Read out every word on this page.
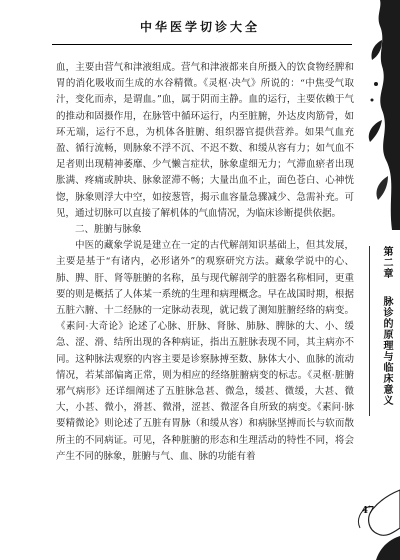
中华医学切诊大全
第二章
脉诊的原理与临床意义

血，主要由营气和津液组成。营气和津液都来自所摄入的饮食物经脾和胃的消化吸收而生成的水谷精微。《灵枢·决气》所说的：“中焦受气取汁，变化而赤，是谓血。”血，属于阴而主静。血的运行，主要依赖于气的推动和固摄作用，在脉管中循环运行，内至脏腑，外达皮肉筋骨，如环无端，运行不息，为机体各脏腑、组织器官提供营养。如果气血充盈、循行流畅，则脉象不浮不沉、不迟不数、和缓从容有力；如气血不足者则出现精神萎靡、少气懒言症状，脉象虚细无力；气滞血瘀者出现胀满、疼痛或肿块、脉象涩滞不畅；大量出血不止，面色苍白、心神恍惚，脉象则浮大中空，如按葱管，揭示血容量急骤减少、急需补充。可见，通过切脉可以直接了解机体的气血情况，为临床诊断提供依据。

二、脏腑与脉象

中医的藏象学说是建立在一定的古代解剖知识基础上，但其发展，主要是基于“有诸内，必形诸外”的观察研究方法。藏象学说中的心、肺、脾、肝、肾等脏腑的名称，虽与现代解剖学的脏器名称相同，更重要的则是概括了人体某一系统的生理和病理概念。早在战国时期，根据五脏六腑、十二经脉的一定脉动表现，就记载了测知脏腑经络的病变。《素问·大奇论》论述了心脉、肝脉、肾脉、肺脉、脾脉的大、小、缓急、涩、滑、结所出现的各种病证，指出五脏脉表现不同，其主病亦不同。这种脉法观察的内容主要是诊察脉搏至数、脉体大小、血脉的流动情况，若某部偏离正常，则为相应的经络脏腑病变的标志。《灵枢·脏腑邪气病形》还详细阐述了五脏脉急甚、微急，缓甚、微缓，大甚、微大，小甚、微小，滑甚、微滑，涩甚、微涩各自所致的病变。《素问·脉要精微论》则论述了五脏有胃脉（和缓从容）和病脉坚搏而长与软而散所主的不同病证。可见，各种脏腑的形态和生理活动的特性不同，将会产生不同的脉象，脏腑与气、血、脉的功能有着

47
